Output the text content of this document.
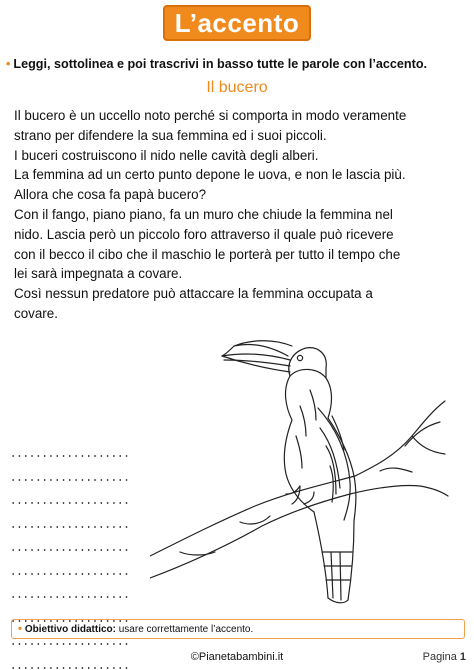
L’accento
• Leggi, sottolinea e poi trascrivi in basso tutte le parole con l’accento.
Il bucero

Il bucero è un uccello noto perché si comporta in modo veramente

strano per difendere la sua femmina ed i suoi piccoli.

I buceri costruiscono il nido nelle cavità degli alberi.

La femmina ad un certo punto depone le uova, e non le lascia più.

Allora che cosa fa papà bucero?

Con il fango, piano piano, fa un muro che chiude la femmina nel

nido. Lascia però un piccolo foro attraverso il quale può ricevere

con il becco il cibo che il maschio le porterà per tutto il tempo che

lei sarà impegnata a covare.

Così nessun predatore può attaccare la femmina occupata a

covare.

• Obiettivo didattico: usare correttamente l’accento.
©Pianetabambini.it	Pagina 1
